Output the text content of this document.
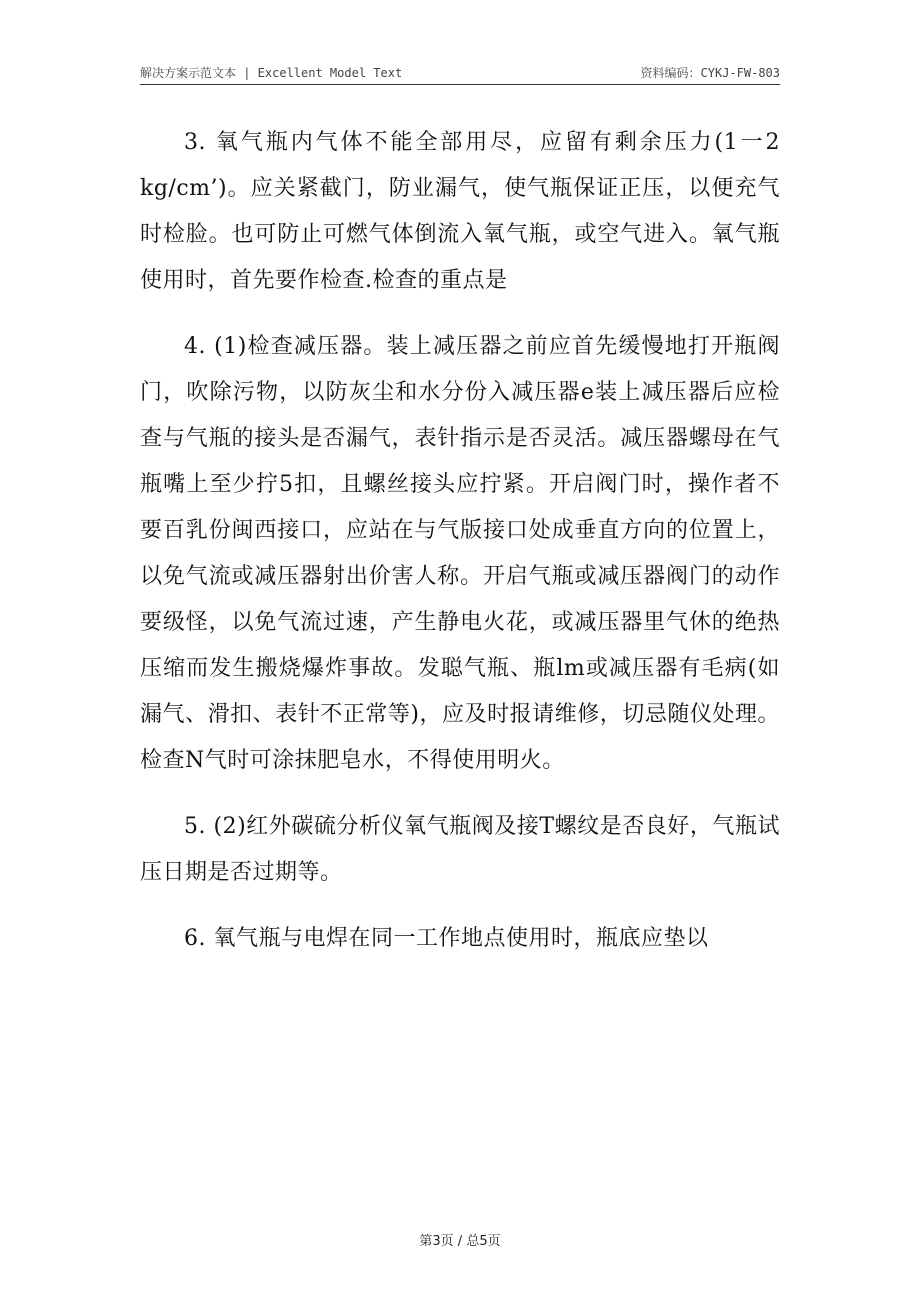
解决方案示范文本 | Excellent Model Text	资料编码：CYKJ-FW-803

3. 氧气瓶内气体不能全部用尽，应留有剩余压力(1一2 kg/cm’)。应关紧截门，防业漏气，使气瓶保证正压，以便充气时检脸。也可防止可燃气体倒流入氧气瓶，或空气进入。氧气瓶使用时，首先要作检查.检查的重点是

4. (1)检查减压器。装上减压器之前应首先缓慢地打开瓶阀门，吹除污物，以防灰尘和水分份入减压器e装上减压器后应检查与气瓶的接头是否漏气，表针指示是否灵活。减压器螺母在气瓶嘴上至少拧5扣，且螺丝接头应拧紧。开启阀门时，操作者不要百乳份闽西接口，应站在与气版接口处成垂直方向的位置上，以免气流或减压器射出价害人称。开启气瓶或减压器阀门的动作要级怪，以免气流过速，产生静电火花，或减压器里气休的绝热压缩而发生搬烧爆炸事故。发聪气瓶、瓶lm或减压器有毛病(如漏气、滑扣、表针不正常等)，应及时报请维修，切忌随仪处理。检查N气时可涂抹肥皂水，不得使用明火。

5. (2)红外碳硫分析仪氧气瓶阀及接T螺纹是否良好，气瓶试压日期是否过期等。

6. 氧气瓶与电焊在同一工作地点使用时，瓶底应垫以

第3页 / 总5页
